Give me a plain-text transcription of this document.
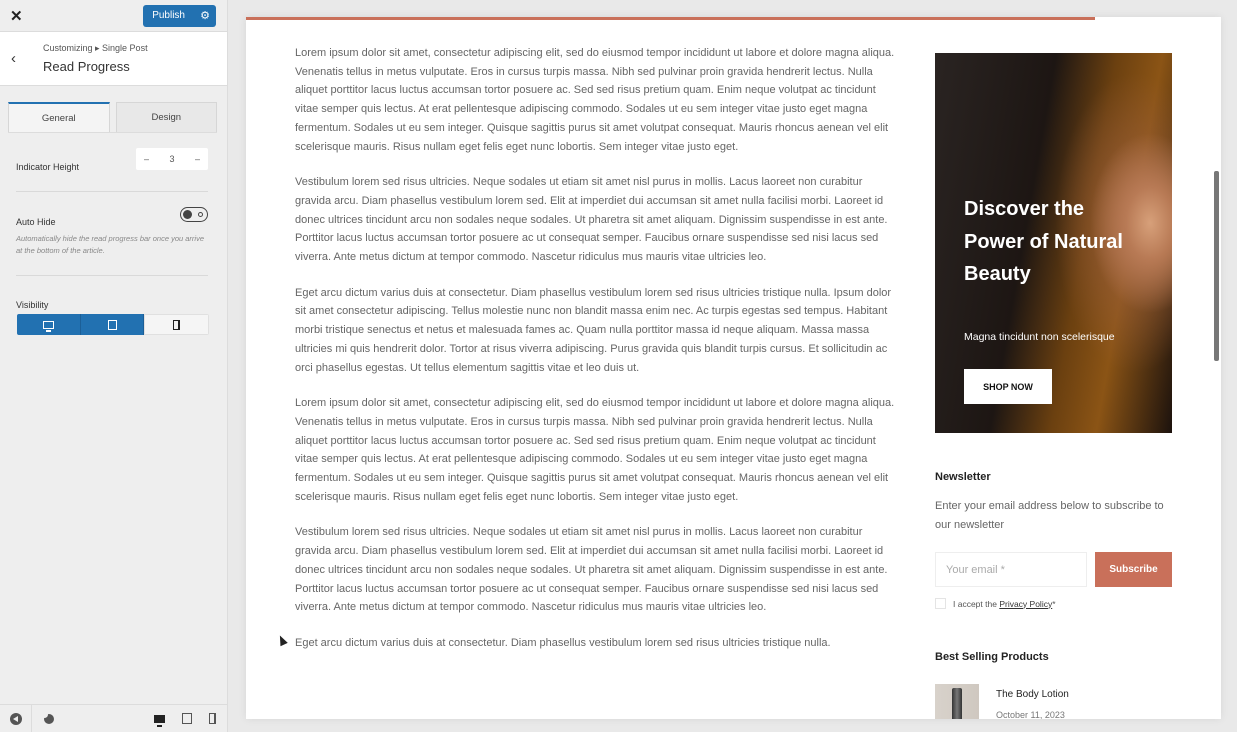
✕	Publish	⚙
‹
Customizing ▸ Single Post
Read Progress
General	Design
Indicator Height
– 3 –
Auto Hide
Automatically hide the read progress bar once you arrive at the bottom of the article.
Visibility

Lorem ipsum dolor sit amet, consectetur adipiscing elit, sed do eiusmod tempor incididunt ut labore et dolore magna aliqua. Venenatis tellus in metus vulputate. Eros in cursus turpis massa. Nibh sed pulvinar proin gravida hendrerit lectus. Nulla aliquet porttitor lacus luctus accumsan tortor posuere ac. Sed sed risus pretium quam. Enim neque volutpat ac tincidunt vitae semper quis lectus. At erat pellentesque adipiscing commodo. Sodales ut eu sem integer vitae justo eget magna fermentum. Sodales ut eu sem integer. Quisque sagittis purus sit amet volutpat consequat. Mauris rhoncus aenean vel elit scelerisque mauris. Risus nullam eget felis eget nunc lobortis. Sem integer vitae justo eget.

Vestibulum lorem sed risus ultricies. Neque sodales ut etiam sit amet nisl purus in mollis. Lacus laoreet non curabitur gravida arcu. Diam phasellus vestibulum lorem sed. Elit at imperdiet dui accumsan sit amet nulla facilisi morbi. Laoreet id donec ultrices tincidunt arcu non sodales neque sodales. Ut pharetra sit amet aliquam. Dignissim suspendisse in est ante. Porttitor lacus luctus accumsan tortor posuere ac ut consequat semper. Faucibus ornare suspendisse sed nisi lacus sed viverra. Ante metus dictum at tempor commodo. Nascetur ridiculus mus mauris vitae ultricies leo.

Eget arcu dictum varius duis at consectetur. Diam phasellus vestibulum lorem sed risus ultricies tristique nulla. Ipsum dolor sit amet consectetur adipiscing. Tellus molestie nunc non blandit massa enim nec. Ac turpis egestas sed tempus. Habitant morbi tristique senectus et netus et malesuada fames ac. Quam nulla porttitor massa id neque aliquam. Massa massa ultricies mi quis hendrerit dolor. Tortor at risus viverra adipiscing. Purus gravida quis blandit turpis cursus. Et sollicitudin ac orci phasellus egestas. Ut tellus elementum sagittis vitae et leo duis ut.

Lorem ipsum dolor sit amet, consectetur adipiscing elit, sed do eiusmod tempor incididunt ut labore et dolore magna aliqua. Venenatis tellus in metus vulputate. Eros in cursus turpis massa. Nibh sed pulvinar proin gravida hendrerit lectus. Nulla aliquet porttitor lacus luctus accumsan tortor posuere ac. Sed sed risus pretium quam. Enim neque volutpat ac tincidunt vitae semper quis lectus. At erat pellentesque adipiscing commodo. Sodales ut eu sem integer vitae justo eget magna fermentum. Sodales ut eu sem integer. Quisque sagittis purus sit amet volutpat consequat. Mauris rhoncus aenean vel elit scelerisque mauris. Risus nullam eget felis eget nunc lobortis. Sem integer vitae justo eget.

Vestibulum lorem sed risus ultricies. Neque sodales ut etiam sit amet nisl purus in mollis. Lacus laoreet non curabitur gravida arcu. Diam phasellus vestibulum lorem sed. Elit at imperdiet dui accumsan sit amet nulla facilisi morbi. Laoreet id donec ultrices tincidunt arcu non sodales neque sodales. Ut pharetra sit amet aliquam. Dignissim suspendisse in est ante. Porttitor lacus luctus accumsan tortor posuere ac ut consequat semper. Faucibus ornare suspendisse sed nisi lacus sed viverra. Ante metus dictum at tempor commodo. Nascetur ridiculus mus mauris vitae ultricies leo.

Eget arcu dictum varius duis at consectetur. Diam phasellus vestibulum lorem sed risus ultricies tristique nulla.

Discover the Power of Natural Beauty
Magna tincidunt non scelerisque
SHOP NOW
Newsletter
Enter your email address below to subscribe to our newsletter
Your email *
Subscribe
I accept the Privacy Policy*
Best Selling Products
The Body Lotion
October 11, 2023
